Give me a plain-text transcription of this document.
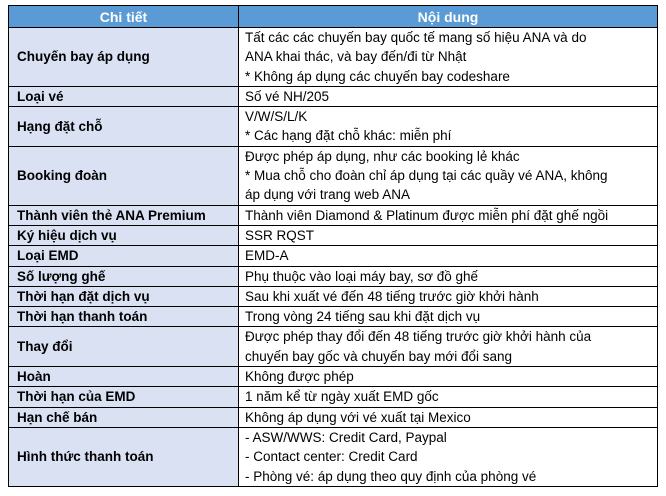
Chi tiết	Nội dung
Chuyến bay áp dụng	Tất các các chuyến bay quốc tế mang số hiệu ANA và do
ANA khai thác, và bay đến/đi từ Nhật
* Không áp dụng các chuyến bay codeshare

Loại vé	Số vé NH/205

Hạng đặt chỗ	V/W/S/L/K
* Các hạng đặt chỗ khác: miễn phí

Booking đoàn	Được phép áp dụng, như các booking lẻ khác
* Mua chỗ cho đoàn chỉ áp dụng tại các quầy vé ANA, không
áp dụng với trang web ANA

Thành viên thẻ ANA Premium	Thành viên Diamond & Platinum được miễn phí đặt ghế ngồi

Ký hiệu dịch vụ	SSR RQST

Loại EMD	EMD-A

Số lượng ghế	Phụ thuộc vào loại máy bay, sơ đồ ghế

Thời hạn đặt dịch vụ	Sau khi xuất vé đến 48 tiếng trước giờ khởi hành

Thời hạn thanh toán	Trong vòng 24 tiếng sau khi đặt dịch vụ

Thay đổi	Được phép thay đổi đến 48 tiếng trước giờ khởi hành của
chuyến bay gốc và chuyến bay mới đổi sang

Hoàn	Không được phép

Thời hạn của EMD	1 năm kể từ ngày xuất EMD gốc

Hạn chế bán	Không áp dụng với vé xuất tại Mexico

Hình thức thanh toán	- ASW/WWS: Credit Card, Paypal
- Contact center: Credit Card
- Phòng vé: áp dụng theo quy định của phòng vé
